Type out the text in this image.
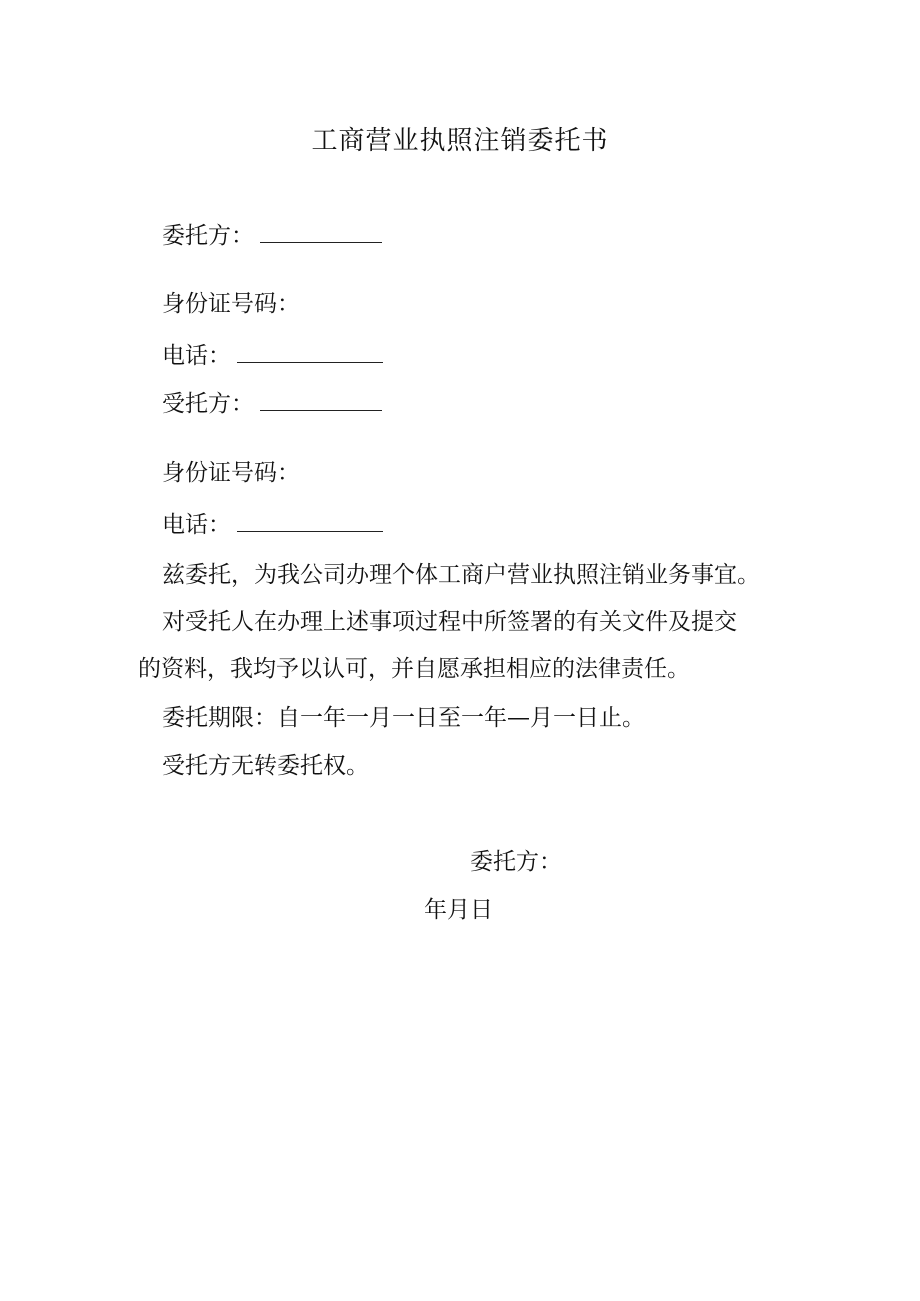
工商营业执照注销委托书
委托方：
身份证号码：
电话：
受托方：
身份证号码：
电话：
兹委托，为我公司办理个体工商户营业执照注销业务事宜。
对受托人在办理上述事项过程中所签署的有关文件及提交
的资料，我均予以认可，并自愿承担相应的法律责任。
委托期限：自一年一月一日至一年—月一日止。
受托方无转委托权。
委托方：
年月日
